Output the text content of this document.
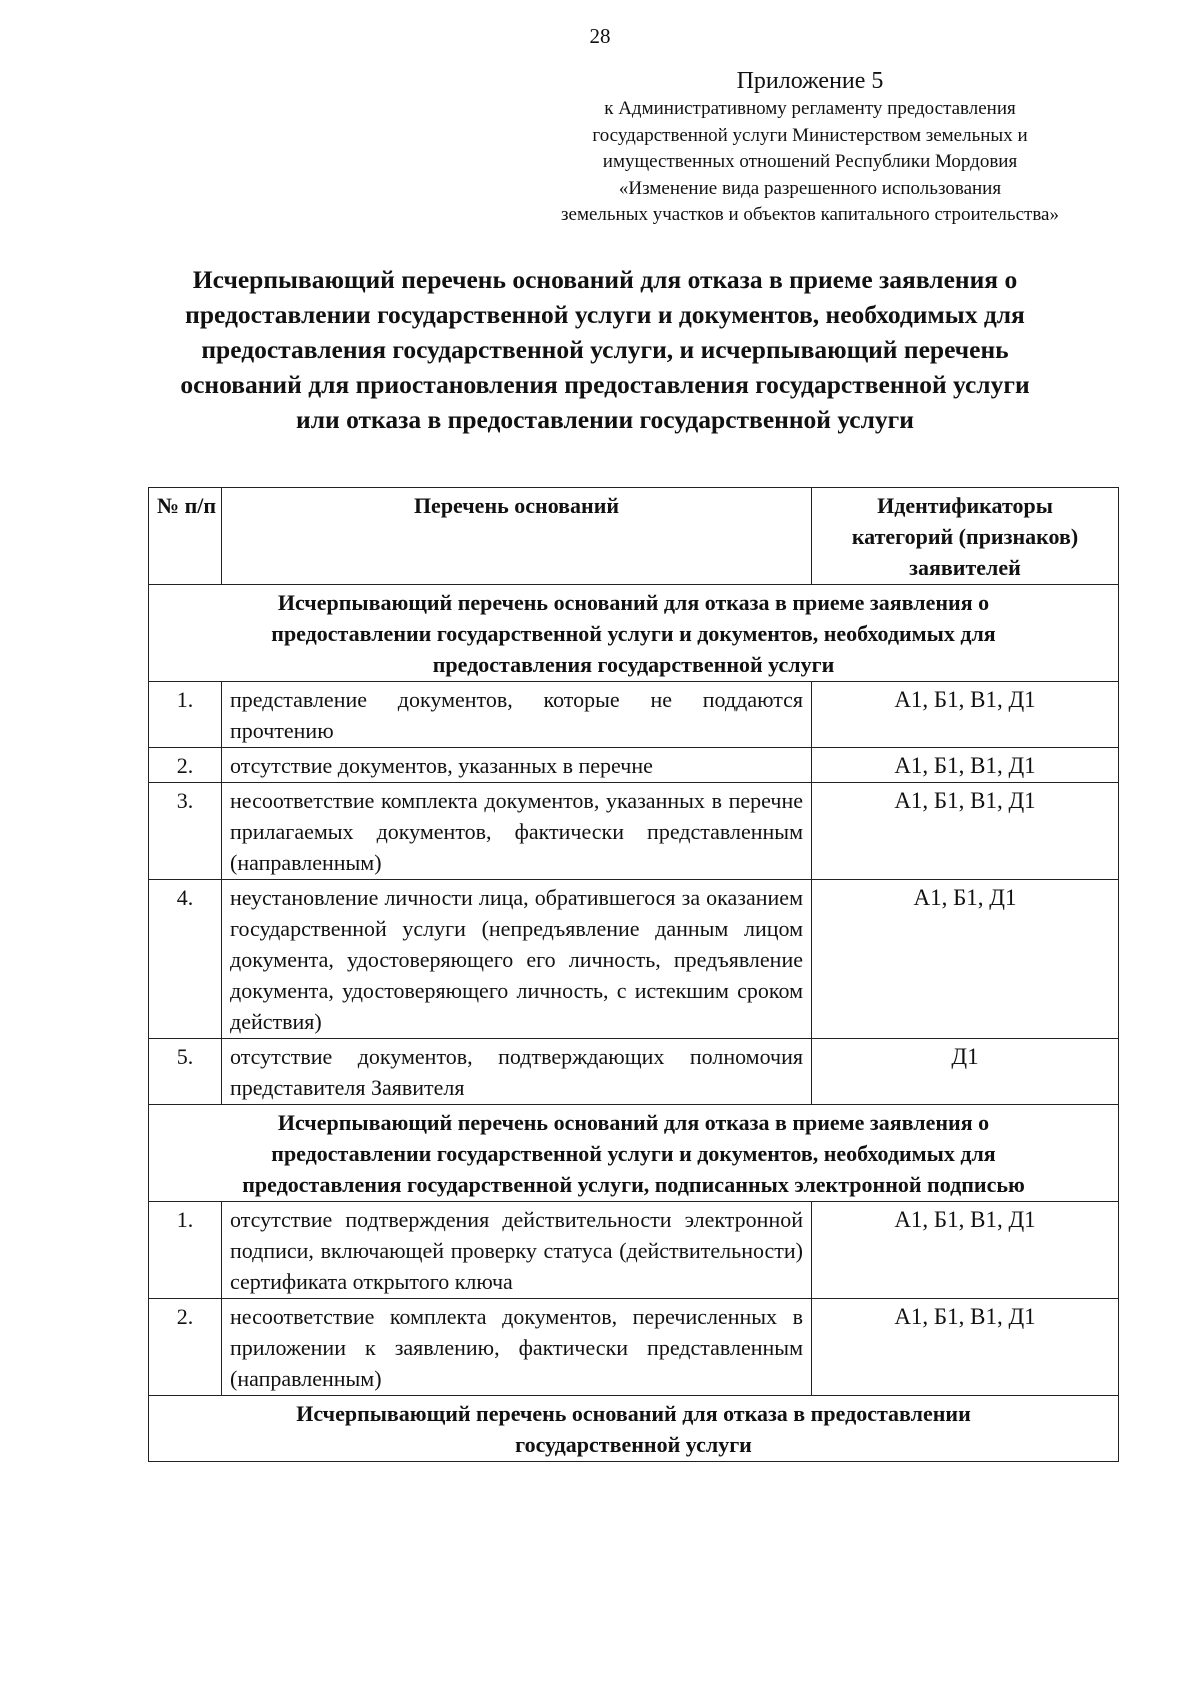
28
Приложение 5
к Административному регламенту предоставления
государственной услуги Министерством земельных и
имущественных отношений Республики Мордовия
«Изменение вида разрешенного использования
земельных участков и объектов капитального строительства»
Исчерпывающий перечень оснований для отказа в приеме заявления о
предоставлении государственной услуги и документов, необходимых для
предоставления государственной услуги, и исчерпывающий перечень
оснований для приостановления предоставления государственной услуги
или отказа в предоставлении государственной услуги
№ п/п	Перечень оснований	Идентификаторы
категорий (признаков)
заявителей

Исчерпывающий перечень оснований для отказа в приеме заявления о
предоставлении государственной услуги и документов, необходимых для
предоставления государственной услуги		

1.	представление документов, которые не поддаются прочтению	А1, Б1, В1, Д1
2.	отсутствие документов, указанных в перечне	А1, Б1, В1, Д1
3.	несоответствие комплекта документов, указанных в перечне прилагаемых документов, фактически представленным (направленным)	А1, Б1, В1, Д1
4.	неустановление личности лица, обратившегося за оказанием государственной услуги (непредъявление данным лицом документа, удостоверяющего его личность, предъявление документа, удостоверяющего личность, с истекшим сроком действия)	А1, Б1, Д1
5.	отсутствие документов, подтверждающих полномочия представителя Заявителя	Д1

Исчерпывающий перечень оснований для отказа в приеме заявления о
предоставлении государственной услуги и документов, необходимых для
предоставления государственной услуги, подписанных электронной подписью		

1.	отсутствие подтверждения действительности электронной подписи, включающей проверку статуса (действительности) сертификата открытого ключа	А1, Б1, В1, Д1
2.	несоответствие комплекта документов, перечисленных в приложении к заявлению, фактически представленным (направленным)	А1, Б1, В1, Д1

Исчерпывающий перечень оснований для отказа в предоставлении
государственной услуги		
